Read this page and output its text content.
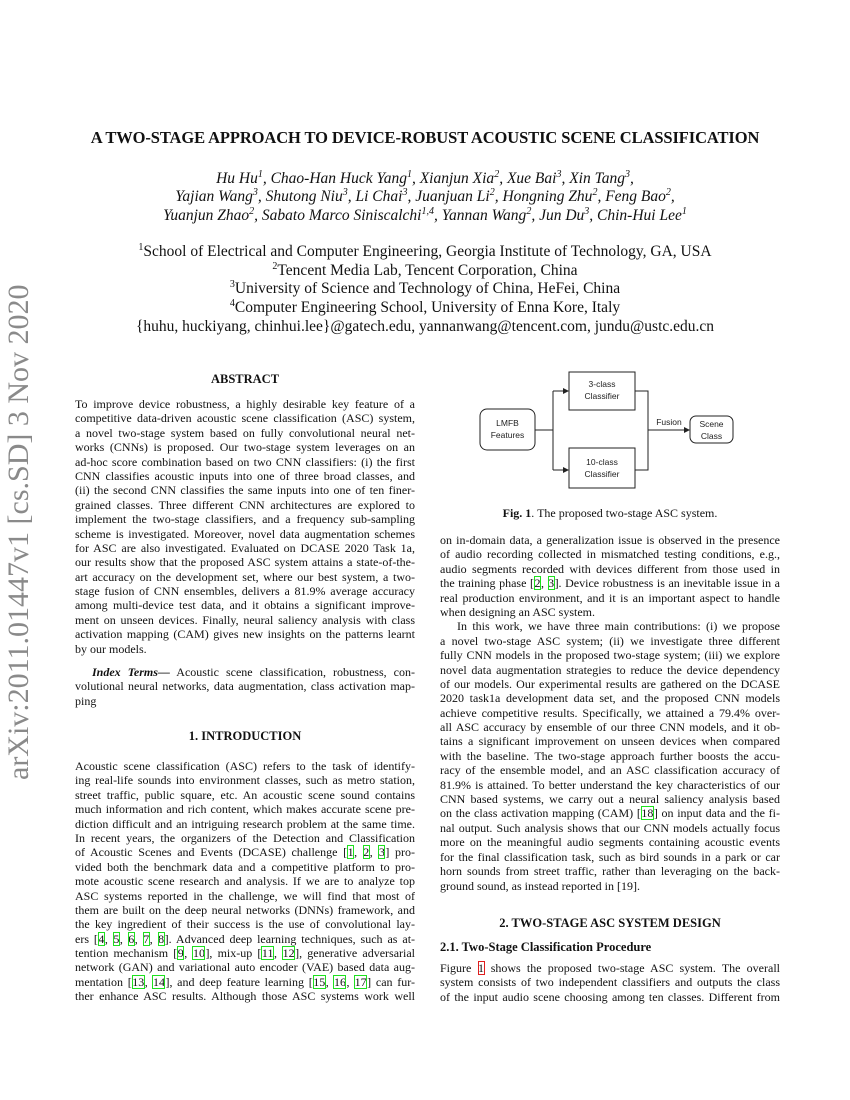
arXiv:2011.01447v1 [cs.SD] 3 Nov 2020
A TWO-STAGE APPROACH TO DEVICE-ROBUST ACOUSTIC SCENE CLASSIFICATION
Hu Hu$^1$, Chao-Han Huck Yang$^1$, Xianjun Xia$^2$, Xue Bai$^3$, Xin Tang$^3$,
Yajian Wang$^3$, Shutong Niu$^3$, Li Chai$^3$, Juanjuan Li$^2$, Hongning Zhu$^2$, Feng Bao$^2$,
Yuanjun Zhao$^2$, Sabato Marco Siniscalchi$^{1,4}$, Yannan Wang$^2$, Jun Du$^3$, Chin-Hui Lee$^1$
$^1$School of Electrical and Computer Engineering, Georgia Institute of Technology, GA, USA
$^2$Tencent Media Lab, Tencent Corporation, China
$^3$University of Science and Technology of China, HeFei, China
$^4$Computer Engineering School, University of Enna Kore, Italy
{huhu, huckiyang, chinhui.lee}@gatech.edu, yannanwang@tencent.com, jundu@ustc.edu.cn
ABSTRACT
To improve device robustness, a highly desirable key feature of a
competitive data-driven acoustic scene classification (ASC) system,
a novel two-stage system based on fully convolutional neural net-
works (CNNs) is proposed. Our two-stage system leverages on an
ad-hoc score combination based on two CNN classifiers: (i) the first
CNN classifies acoustic inputs into one of three broad classes, and
(ii) the second CNN classifies the same inputs into one of ten finer-
grained classes. Three different CNN architectures are explored to
implement the two-stage classifiers, and a frequency sub-sampling
scheme is investigated. Moreover, novel data augmentation schemes
for ASC are also investigated. Evaluated on DCASE 2020 Task 1a,
our results show that the proposed ASC system attains a state-of-the-
art accuracy on the development set, where our best system, a two-
stage fusion of CNN ensembles, delivers a 81.9% average accuracy
among multi-device test data, and it obtains a significant improve-
ment on unseen devices. Finally, neural saliency analysis with class
activation mapping (CAM) gives new insights on the patterns learnt
by our models.
Index Terms— Acoustic scene classification, robustness, con-
volutional neural networks, data augmentation, class activation map-
ping
1. INTRODUCTION
Acoustic scene classification (ASC) refers to the task of identify-
ing real-life sounds into environment classes, such as metro station,
street traffic, public square, etc. An acoustic scene sound contains
much information and rich content, which makes accurate scene pre-
diction difficult and an intriguing research problem at the same time.
In recent years, the organizers of the Detection and Classification
of Acoustic Scenes and Events (DCASE) challenge [1, 2, 3] pro-
vided both the benchmark data and a competitive platform to pro-
mote acoustic scene research and analysis. If we are to analyze top
ASC systems reported in the challenge, we will find that most of
them are built on the deep neural networks (DNNs) framework, and
the key ingredient of their success is the use of convolutional lay-
ers [4, 5, 6, 7, 8]. Advanced deep learning techniques, such as at-
tention mechanism [9, 10], mix-up [11, 12], generative adversarial
network (GAN) and variational auto encoder (VAE) based data aug-
mentation [13, 14], and deep feature learning [15, 16, 17] can fur-
ther enhance ASC results. Although those ASC systems work well
LMFB
Features
3-class
Classifier
10-class
Classifier
Scene
Class
Fusion
Fig. 1. The proposed two-stage ASC system.
on in-domain data, a generalization issue is observed in the presence
of audio recording collected in mismatched testing conditions, e.g.,
audio segments recorded with devices different from those used in
the training phase [2, 3]. Device robustness is an inevitable issue in a
real production environment, and it is an important aspect to handle
when designing an ASC system.
In this work, we have three main contributions: (i) we propose
a novel two-stage ASC system; (ii) we investigate three different
fully CNN models in the proposed two-stage system; (iii) we explore
novel data augmentation strategies to reduce the device dependency
of our models. Our experimental results are gathered on the DCASE
2020 task1a development data set, and the proposed CNN models
achieve competitive results. Specifically, we attained a 79.4% over-
all ASC accuracy by ensemble of our three CNN models, and it ob-
tains a significant improvement on unseen devices when compared
with the baseline. The two-stage approach further boosts the accu-
racy of the ensemble model, and an ASC classification accuracy of
81.9% is attained. To better understand the key characteristics of our
CNN based systems, we carry out a neural saliency analysis based
on the class activation mapping (CAM) [18] on input data and the fi-
nal output. Such analysis shows that our CNN models actually focus
more on the meaningful audio segments containing acoustic events
for the final classification task, such as bird sounds in a park or car
horn sounds from street traffic, rather than leveraging on the back-
ground sound, as instead reported in [19].
2. TWO-STAGE ASC SYSTEM DESIGN
2.1. Two-Stage Classification Procedure
Figure 1 shows the proposed two-stage ASC system. The overall
system consists of two independent classifiers and outputs the class
of the input audio scene choosing among ten classes. Different from
